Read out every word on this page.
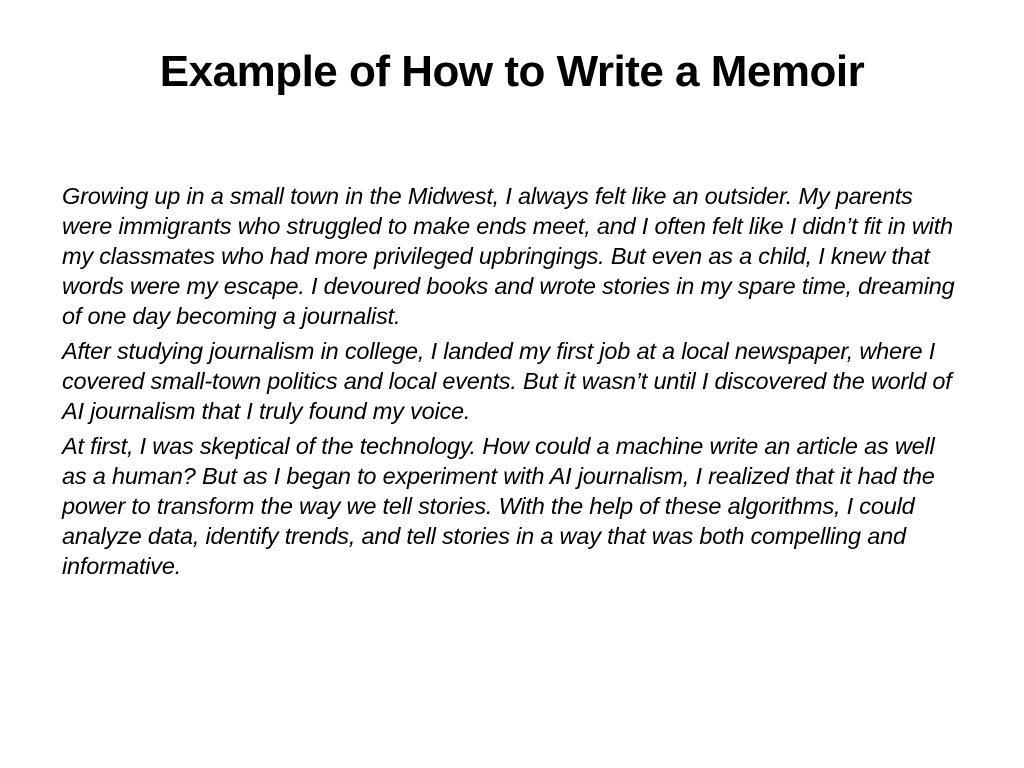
Example of How to Write a Memoir

Growing up in a small town in the Midwest, I always felt like an outsider. My parents were immigrants who struggled to make ends meet, and I often felt like I didn’t fit in with my classmates who had more privileged upbringings. But even as a child, I knew that words were my escape. I devoured books and wrote stories in my spare time, dreaming of one day becoming a journalist.

After studying journalism in college, I landed my first job at a local newspaper, where I covered small-town politics and local events. But it wasn’t until I discovered the world of AI journalism that I truly found my voice.

At first, I was skeptical of the technology. How could a machine write an article as well as a human? But as I began to experiment with AI journalism, I realized that it had the power to transform the way we tell stories. With the help of these algorithms, I could analyze data, identify trends, and tell stories in a way that was both compelling and informative.
